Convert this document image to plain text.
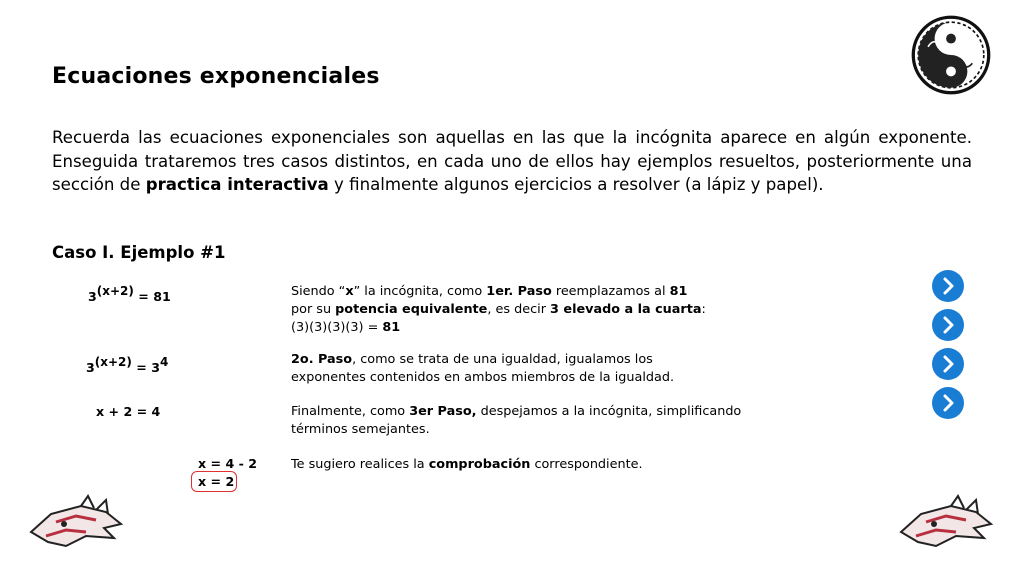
Ecuaciones exponenciales
Recuerda las ecuaciones exponenciales son aquellas en las que la incógnita aparece en algún exponente. Enseguida trataremos tres casos distintos, en cada uno de ellos hay ejemplos resueltos, posteriormente una sección de practica interactiva y finalmente algunos ejercicios a resolver (a lápiz y papel).
Caso I. Ejemplo #1
$3^{(x+2)} = 81$
$3^{(x+2)} = 3^4$
x + 2 = 4
x = 4 - 2
x = 2
Siendo “x” la incógnita, como 1er. Paso reemplazamos al 81
por su potencia equivalente, es decir 3 elevado a la cuarta:
(3)(3)(3)(3) = 81
2o. Paso, como se trata de una igualdad, igualamos los
exponentes contenidos en ambos miembros de la igualdad.
Finalmente, como 3er Paso, despejamos a la incógnita, simplificando
términos semejantes.
Te sugiero realices la comprobación correspondiente.
